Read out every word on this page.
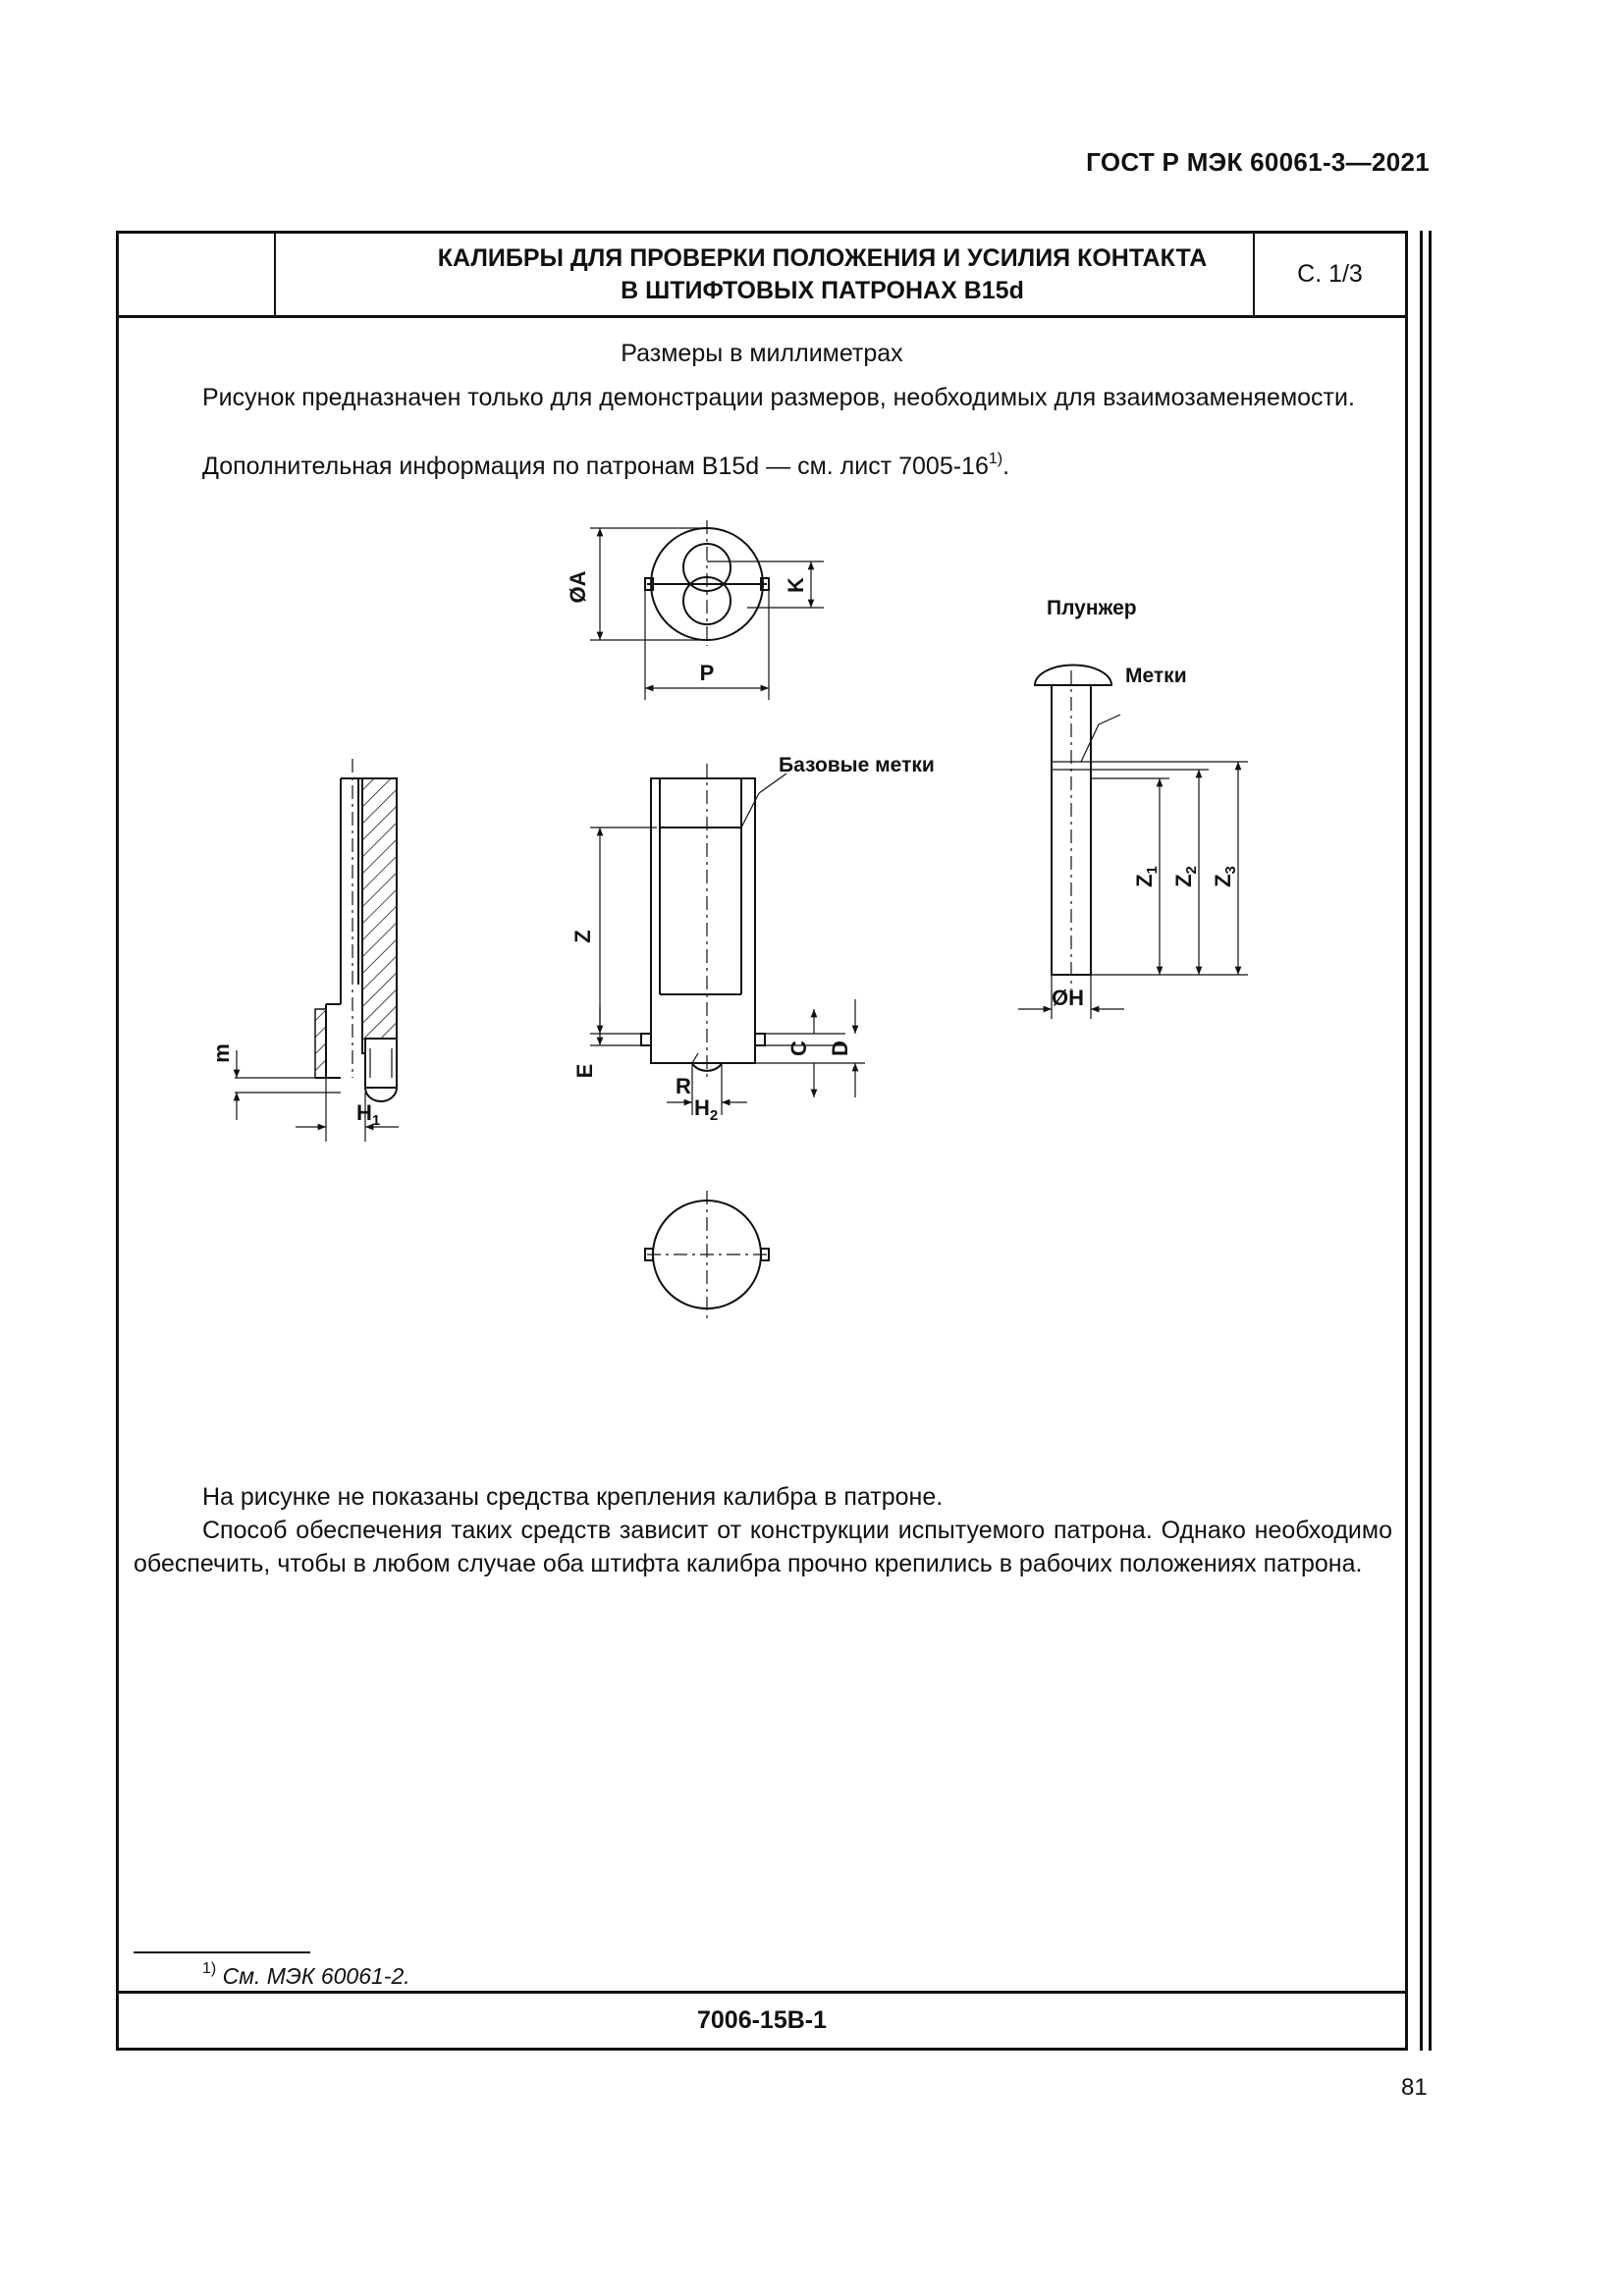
ГОСТ Р МЭК 60061-3—2021
КАЛИБРЫ ДЛЯ ПРОВЕРКИ ПОЛОЖЕНИЯ И УСИЛИЯ КОНТАКТА
В ШТИФТОВЫХ ПАТРОНАХ В15d
С. 1/3
Размеры в миллиметрах

Рисунок предназначен только для демонстрации размеров, необходимых для взаимозаменяемости.

Дополнительная информация по патронам В15d — см. лист 7005-16$^{1)}$.

ØA	K
P
Плунжер
Метки
Базовые метки
Z
$Z_1$
$Z_2$
$Z_3$
m
$H_1$
E
R
$H_2$
C D
ØH

На рисунке не показаны средства крепления калибра в патроне.

Способ обеспечения таких средств зависит от конструкции испытуемого патрона. Однако необходимо обеспечить, чтобы в любом случае оба штифта калибра прочно крепились в рабочих положениях патрона.

$^{1)}$ См. МЭК 60061-2.
7006-15В-1
81
